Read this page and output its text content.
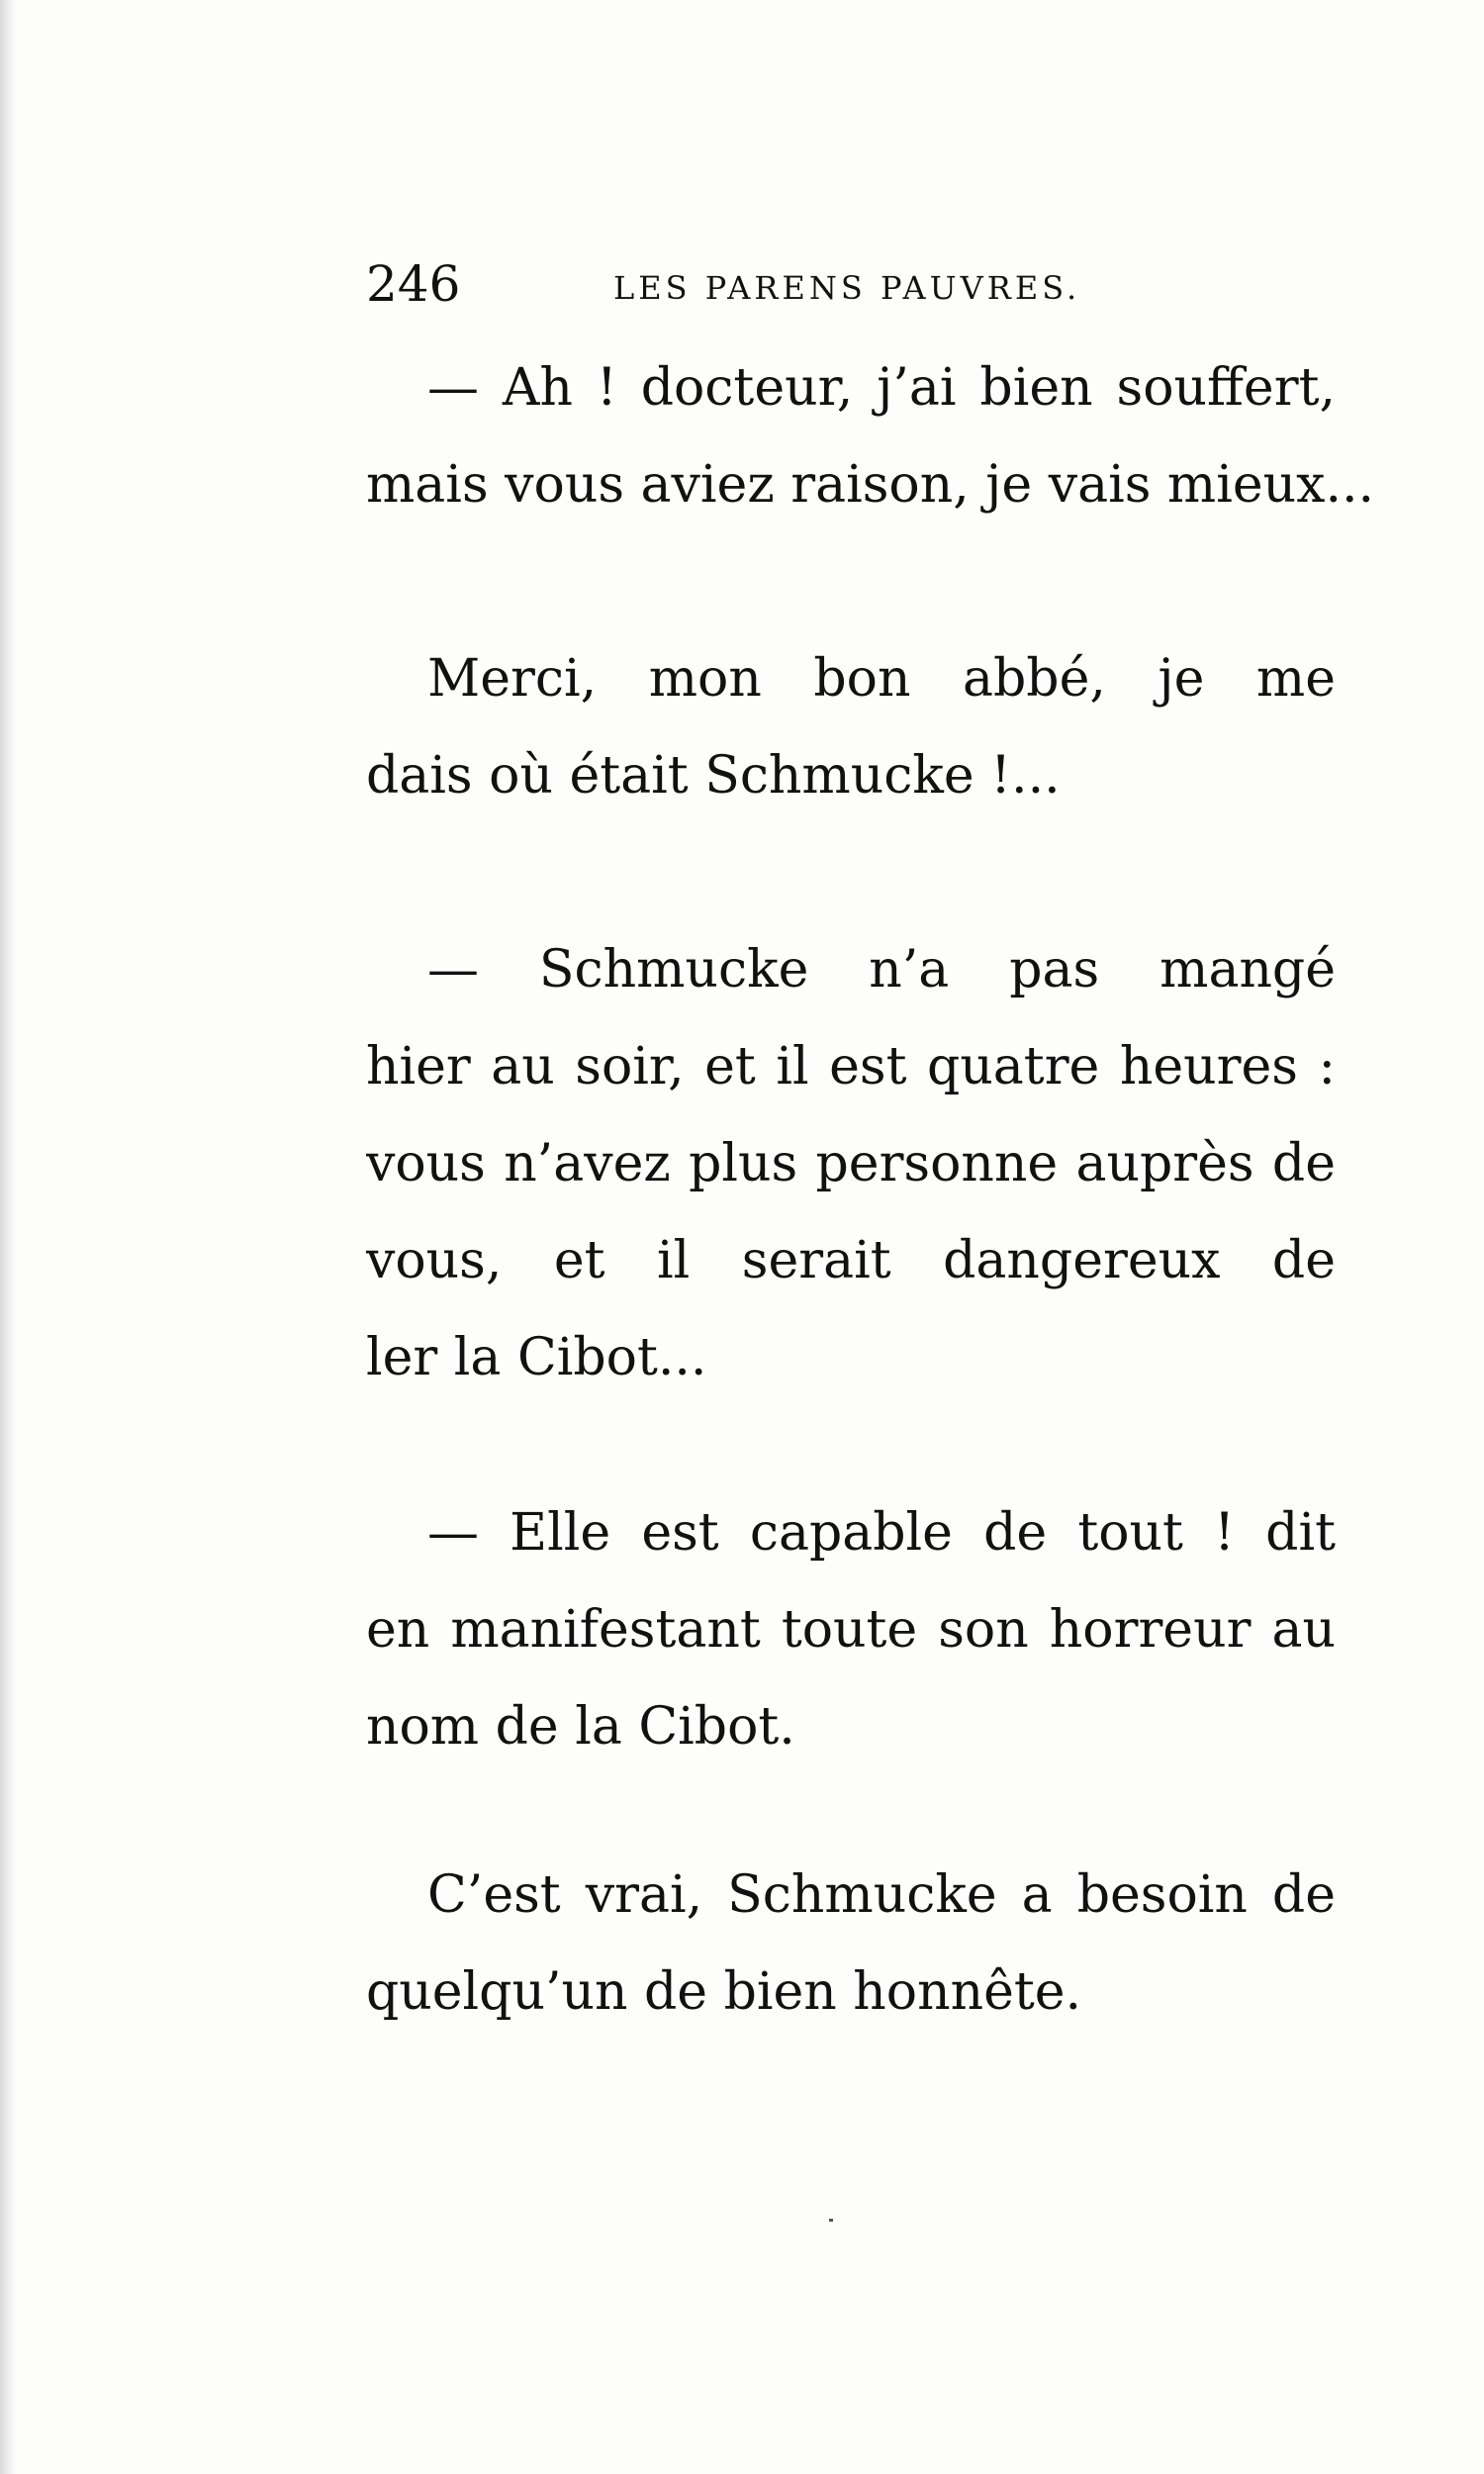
246	LES PARENS PAUVRES.
— Ah ! docteur, j’ai bien souffert,
mais vous aviez raison, je vais mieux...
Merci, mon bon abbé, je me
dais où était Schmucke !...
— Schmucke n’a pas mangé
hier au soir, et il est quatre heures :
vous n’avez plus personne auprès de
vous, et il serait dangereux de
ler la Cibot...
— Elle est capable de tout ! dit
en manifestant toute son horreur au
nom de la Cibot.
C’est vrai, Schmucke a besoin de
quelqu’un de bien honnête.
